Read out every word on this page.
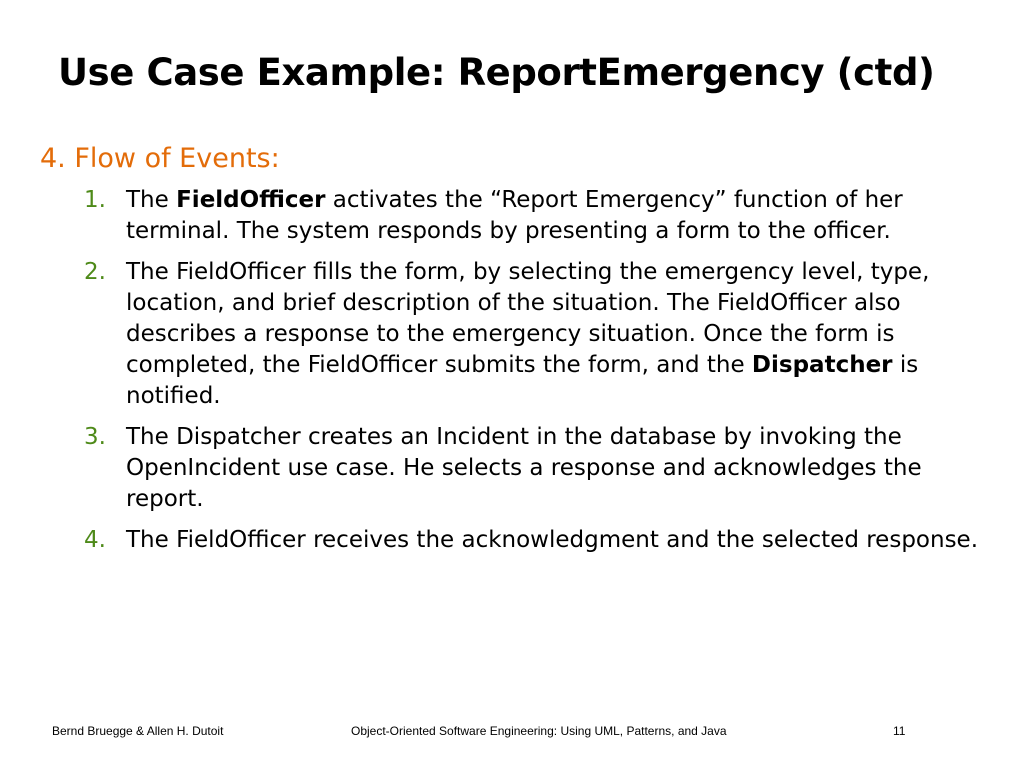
Use Case Example: ReportEmergency (ctd)
4. Flow of Events:
1. The FieldOfficer activates the “Report Emergency” function of her terminal. The system responds by presenting a form to the officer.
2. The FieldOfficer fills the form, by selecting the emergency level, type, location, and brief description of the situation. The FieldOfficer also describes a response to the emergency situation. Once the form is completed, the FieldOfficer submits the form, and the Dispatcher is notified.
3. The Dispatcher creates an Incident in the database by invoking the OpenIncident use case. He selects a response and acknowledges the report.
4. The FieldOfficer receives the acknowledgment and the selected response.
Bernd Bruegge & Allen H. Dutoit	Object-Oriented Software Engineering: Using UML, Patterns, and Java	11
